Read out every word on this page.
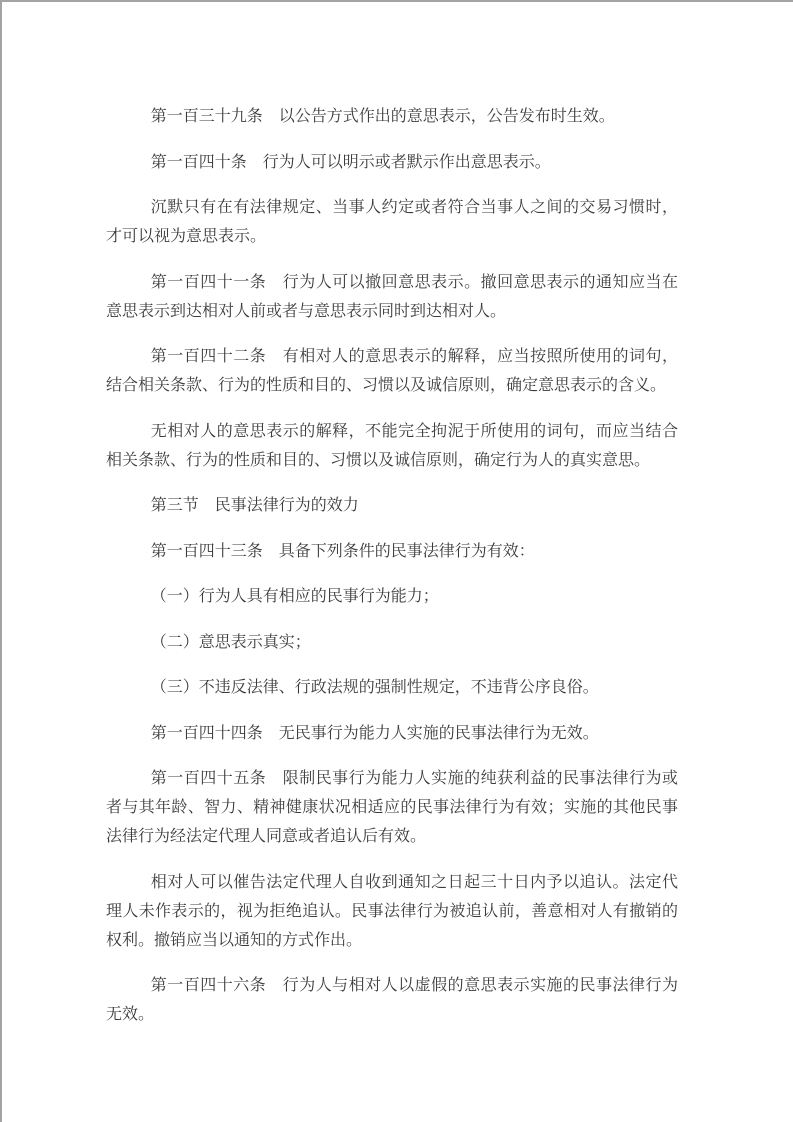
第一百三十九条　以公告方式作出的意思表示，公告发布时生效。

第一百四十条　行为人可以明示或者默示作出意思表示。

沉默只有在有法律规定、当事人约定或者符合当事人之间的交易习惯时，才可以视为意思表示。

第一百四十一条　行为人可以撤回意思表示。撤回意思表示的通知应当在意思表示到达相对人前或者与意思表示同时到达相对人。

第一百四十二条　有相对人的意思表示的解释，应当按照所使用的词句，结合相关条款、行为的性质和目的、习惯以及诚信原则，确定意思表示的含义。

无相对人的意思表示的解释，不能完全拘泥于所使用的词句，而应当结合相关条款、行为的性质和目的、习惯以及诚信原则，确定行为人的真实意思。

第三节　民事法律行为的效力

第一百四十三条　具备下列条件的民事法律行为有效：

（一）行为人具有相应的民事行为能力；

（二）意思表示真实；

（三）不违反法律、行政法规的强制性规定，不违背公序良俗。

第一百四十四条　无民事行为能力人实施的民事法律行为无效。

第一百四十五条　限制民事行为能力人实施的纯获利益的民事法律行为或者与其年龄、智力、精神健康状况相适应的民事法律行为有效；实施的其他民事法律行为经法定代理人同意或者追认后有效。

相对人可以催告法定代理人自收到通知之日起三十日内予以追认。法定代理人未作表示的，视为拒绝追认。民事法律行为被追认前，善意相对人有撤销的权利。撤销应当以通知的方式作出。

第一百四十六条　行为人与相对人以虚假的意思表示实施的民事法律行为无效。
